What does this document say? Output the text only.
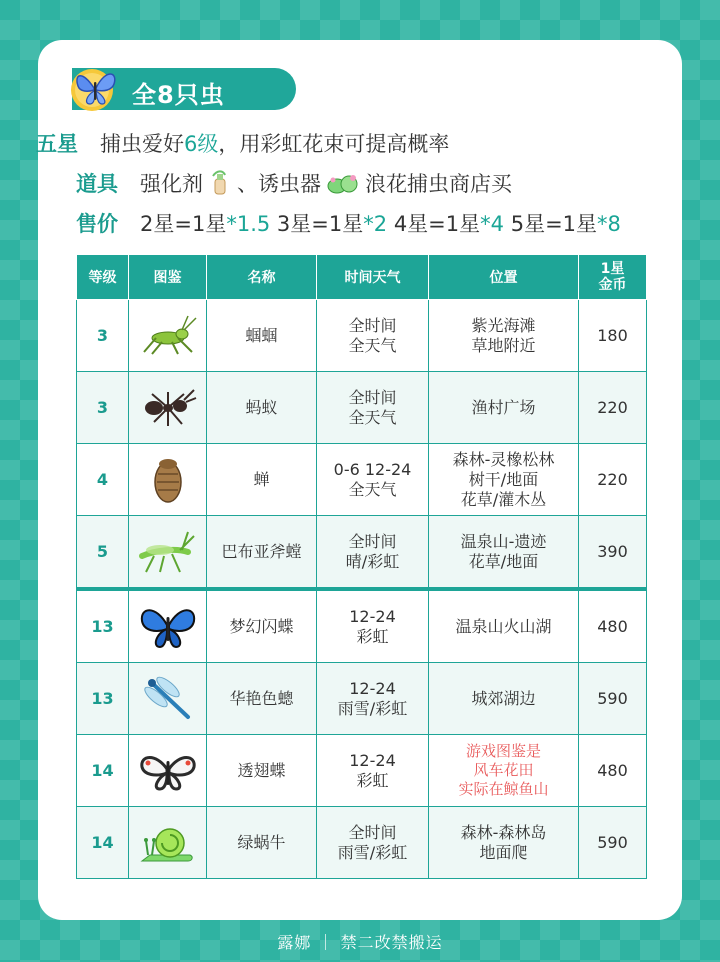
全8只虫
五星	捕虫爱好 6级 ，用彩虹花束可提高概率
道具	强化剂 、诱虫器 浪花捕虫商店买
售价	2星=1星*1.5
3星=1星*2
4星=1星*4
5星=1星*8
等级	图鉴	名称	时间天气	位置	1星
金币
3		蝈蝈	全时间
全天气	紫光海滩
草地附近	180
3		蚂蚁	全时间
全天气	渔村广场	220
4		蝉	0-6 12-24
全天气	森林-灵橡松林
树干/地面
花草/灌木丛	220
5		巴布亚斧螳	全时间
晴/彩虹	温泉山-遗迹
花草/地面	390
13		梦幻闪蝶	12-24
彩虹	温泉山火山湖	480
13		华艳色蟌	12-24
雨雪/彩虹	城郊湖边	590
14		透翅蝶	12-24
彩虹	游戏图鉴是
风车花田
实际在鲸鱼山	480
14		绿蜗牛	全时间
雨雪/彩虹	森林-森林岛
地面爬	590
露娜 ｜ 禁二改禁搬运
